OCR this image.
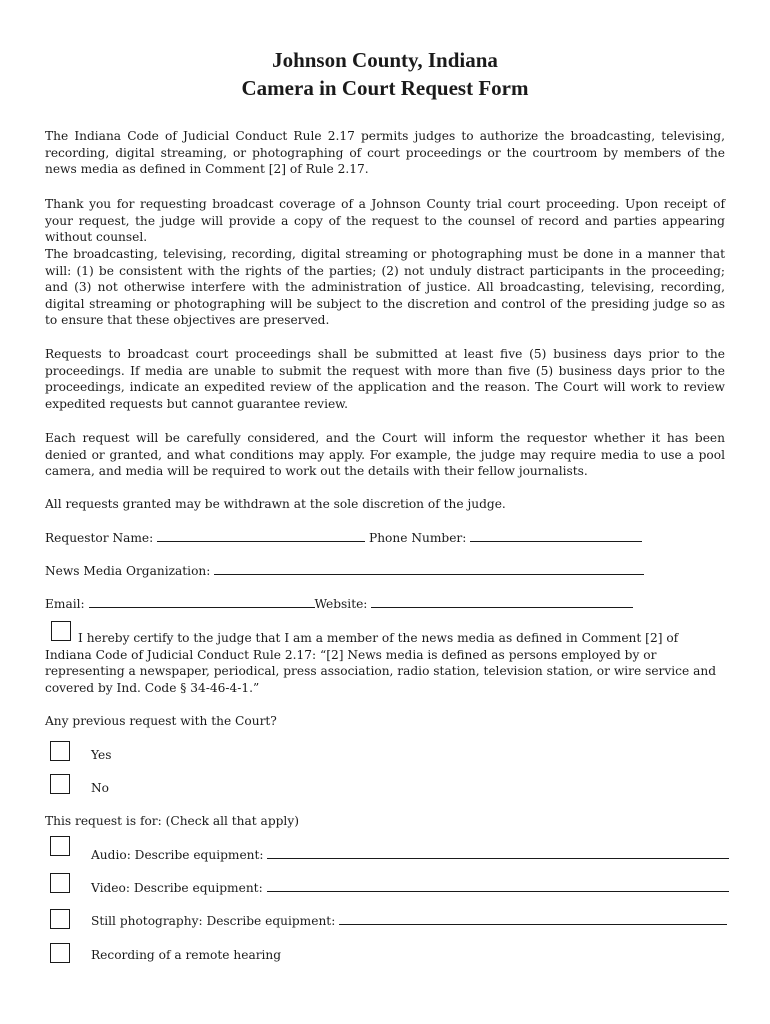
Johnson County, Indiana
Camera in Court Request Form
The Indiana Code of Judicial Conduct Rule 2.17 permits judges to authorize the broadcasting, televising, recording, digital streaming, or photographing of court proceedings or the courtroom by members of the news media as defined in Comment [2] of Rule 2.17.
Thank you for requesting broadcast coverage of a Johnson County trial court proceeding. Upon receipt of your request, the judge will provide a copy of the request to the counsel of record and parties appearing without counsel.
The broadcasting, televising, recording, digital streaming or photographing must be done in a manner that will: (1) be consistent with the rights of the parties; (2) not unduly distract participants in the proceeding; and (3) not otherwise interfere with the administration of justice. All broadcasting, televising, recording, digital streaming or photographing will be subject to the discretion and control of the presiding judge so as to ensure that these objectives are preserved.
Requests to broadcast court proceedings shall be submitted at least five (5) business days prior to the proceedings. If media are unable to submit the request with more than five (5) business days prior to the proceedings, indicate an expedited review of the application and the reason. The Court will work to review expedited requests but cannot guarantee review.
Each request will be carefully considered, and the Court will inform the requestor whether it has been denied or granted, and what conditions may apply. For example, the judge may require media to use a pool camera, and media will be required to work out the details with their fellow journalists.
All requests granted may be withdrawn at the sole discretion of the judge.
Requestor Name:	Phone Number:
News Media Organization:
Email:	Website:
I hereby certify to the judge that I am a member of the news media as defined in Comment [2] of Indiana Code of Judicial Conduct Rule 2.17: “[2] News media is defined as persons employed by or representing a newspaper, periodical, press association, radio station, television station, or wire service and covered by Ind. Code § 34-46-4-1.”
Any previous request with the Court?
Yes
No
This request is for: (Check all that apply)
Audio: Describe equipment:
Video: Describe equipment:
Still photography: Describe equipment:
Recording of a remote hearing
